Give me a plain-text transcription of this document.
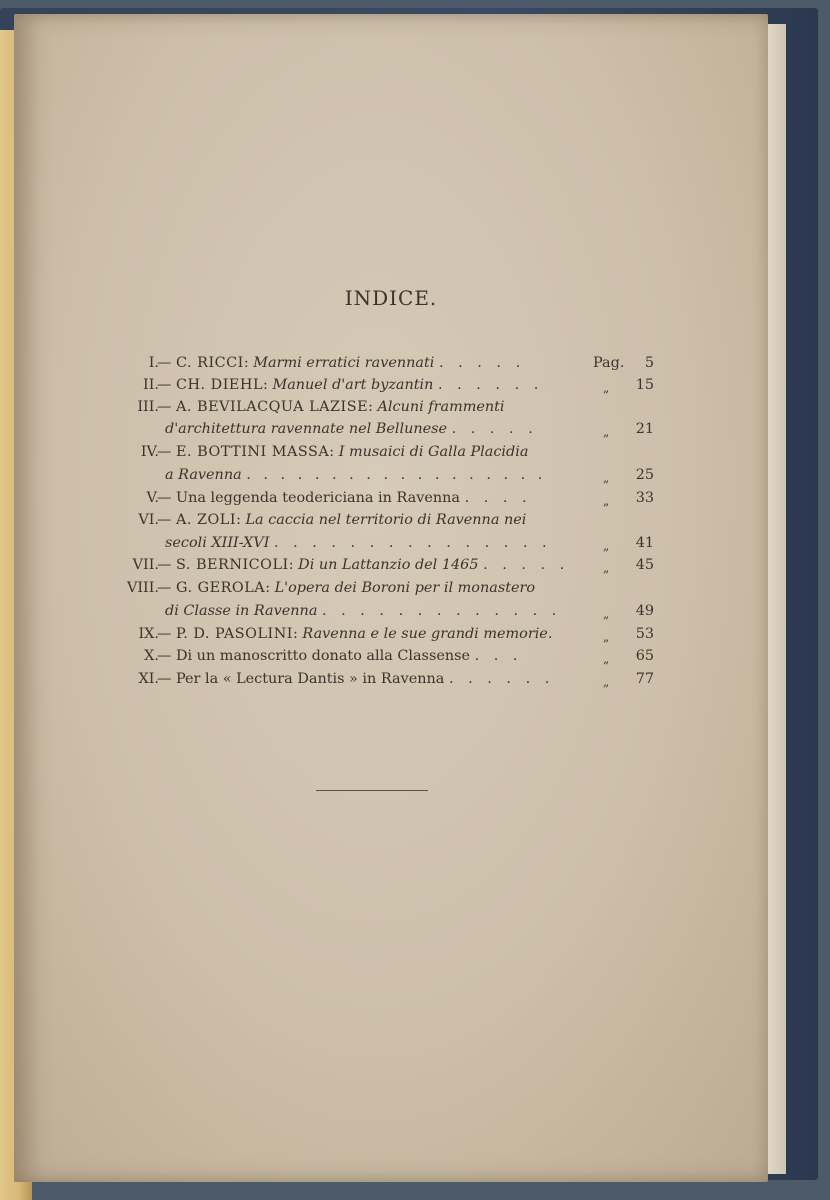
INDICE.
I.
— C. RICCI: Marmi erratici ravennati . . . . .	Pag. 5
II.
— CH. DIEHL: Manuel d'art byzantin . . . . . .	„ 15
III.
— A. BEVILACQUA LAZISE: Alcuni frammenti
d'architettura ravennate nel Bellunese . . . . .	„ 21
IV.
— E. BOTTINI MASSA: I musaici di Galla Placidia
a Ravenna . . . . . . . . . . . . . . . . . .	„ 25
V.
— Una leggenda teodericiana in Ravenna . . . .	„ 33
VI.
— A. ZOLI: La caccia nel territorio di Ravenna nei
secoli XIII-XVI . . . . . . . . . . . . . . .	„ 41
VII.
— S. BERNICOLI: Di un Lattanzio del 1465 . . . . .	„ 45
VIII.
— G. GEROLA: L'opera dei Boroni per il monastero
di Classe in Ravenna . . . . . . . . . . . . .	„ 49
IX.
— P. D. PASOLINI: Ravenna e le sue grandi memorie.	„ 53
X.
— Di un manoscritto donato alla Classense . . .	„ 65
XI.
— Per la « Lectura Dantis » in Ravenna . . . . . .	„ 77
